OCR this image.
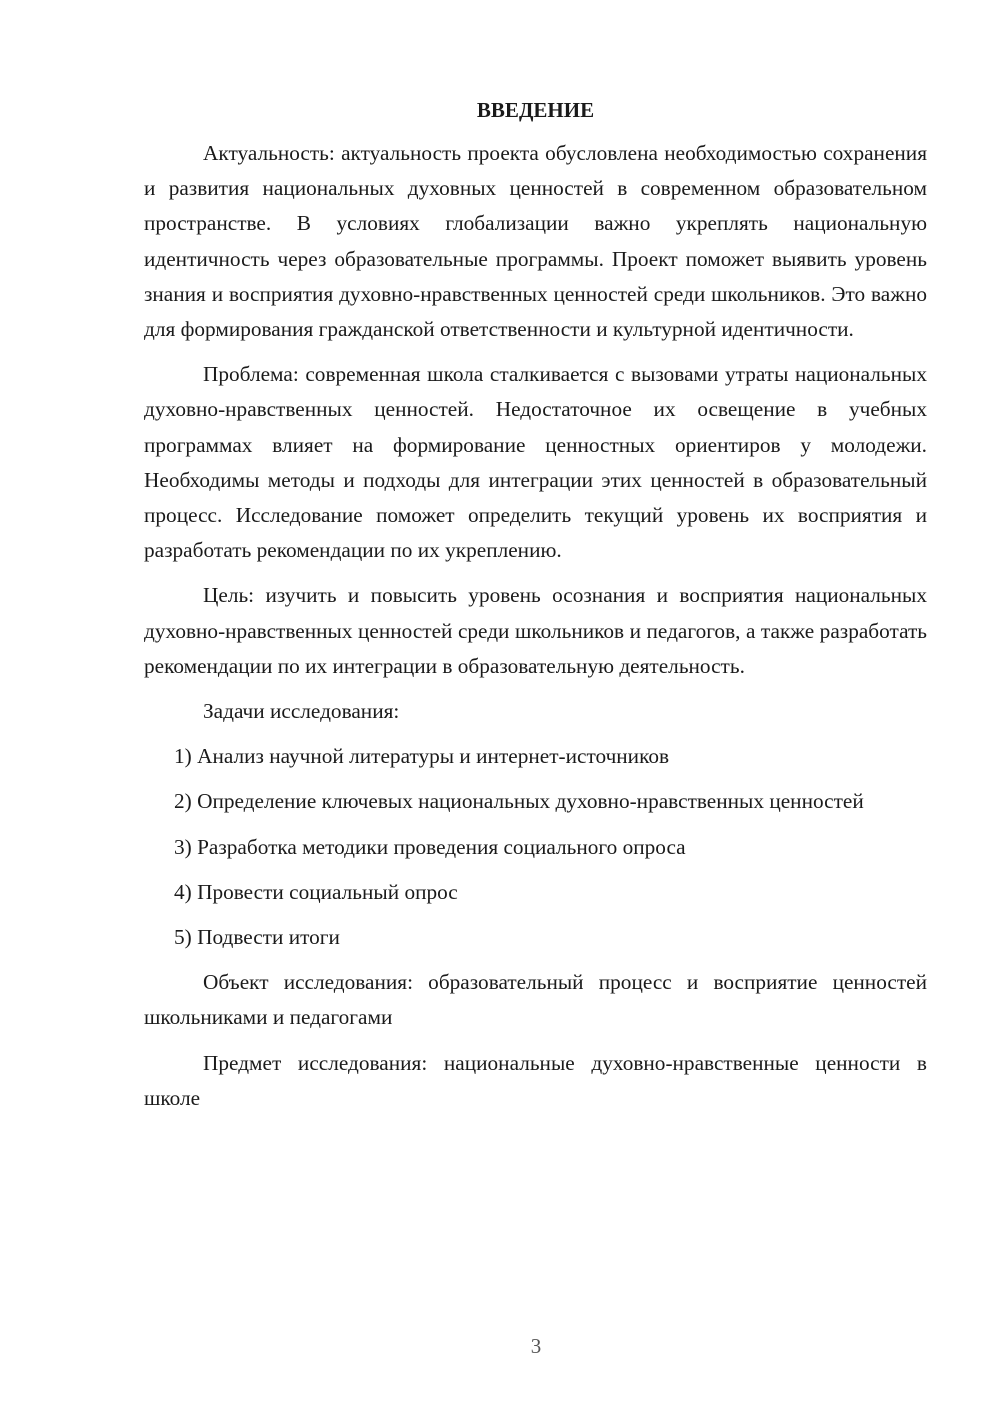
ВВЕДЕНИЕ

Актуальность: актуальность проекта обусловлена необходимостью сохранения и развития национальных духовных ценностей в современном образовательном пространстве. В условиях глобализации важно укреплять национальную идентичность через образовательные программы. Проект поможет выявить уровень знания и восприятия духовно-нравственных ценностей среди школьников. Это важно для формирования гражданской ответственности и культурной идентичности.

Проблема: современная школа сталкивается с вызовами утраты национальных духовно-нравственных ценностей. Недостаточное их освещение в учебных программах влияет на формирование ценностных ориентиров у молодежи. Необходимы методы и подходы для интеграции этих ценностей в образовательный процесс. Исследование поможет определить текущий уровень их восприятия и разработать рекомендации по их укреплению.

Цель: изучить и повысить уровень осознания и восприятия национальных духовно-нравственных ценностей среди школьников и педагогов, а также разработать рекомендации по их интеграции в образовательную деятельность.

Задачи исследования:

1) Анализ научной литературы и интернет-источников

2) Определение ключевых национальных духовно-нравственных ценностей

3) Разработка методики проведения социального опроса

4) Провести социальный опрос

5) Подвести итоги

Объект исследования: образовательный процесс и восприятие ценностей школьниками и педагогами

Предмет исследования: национальные духовно-нравственные ценности в школе

3
